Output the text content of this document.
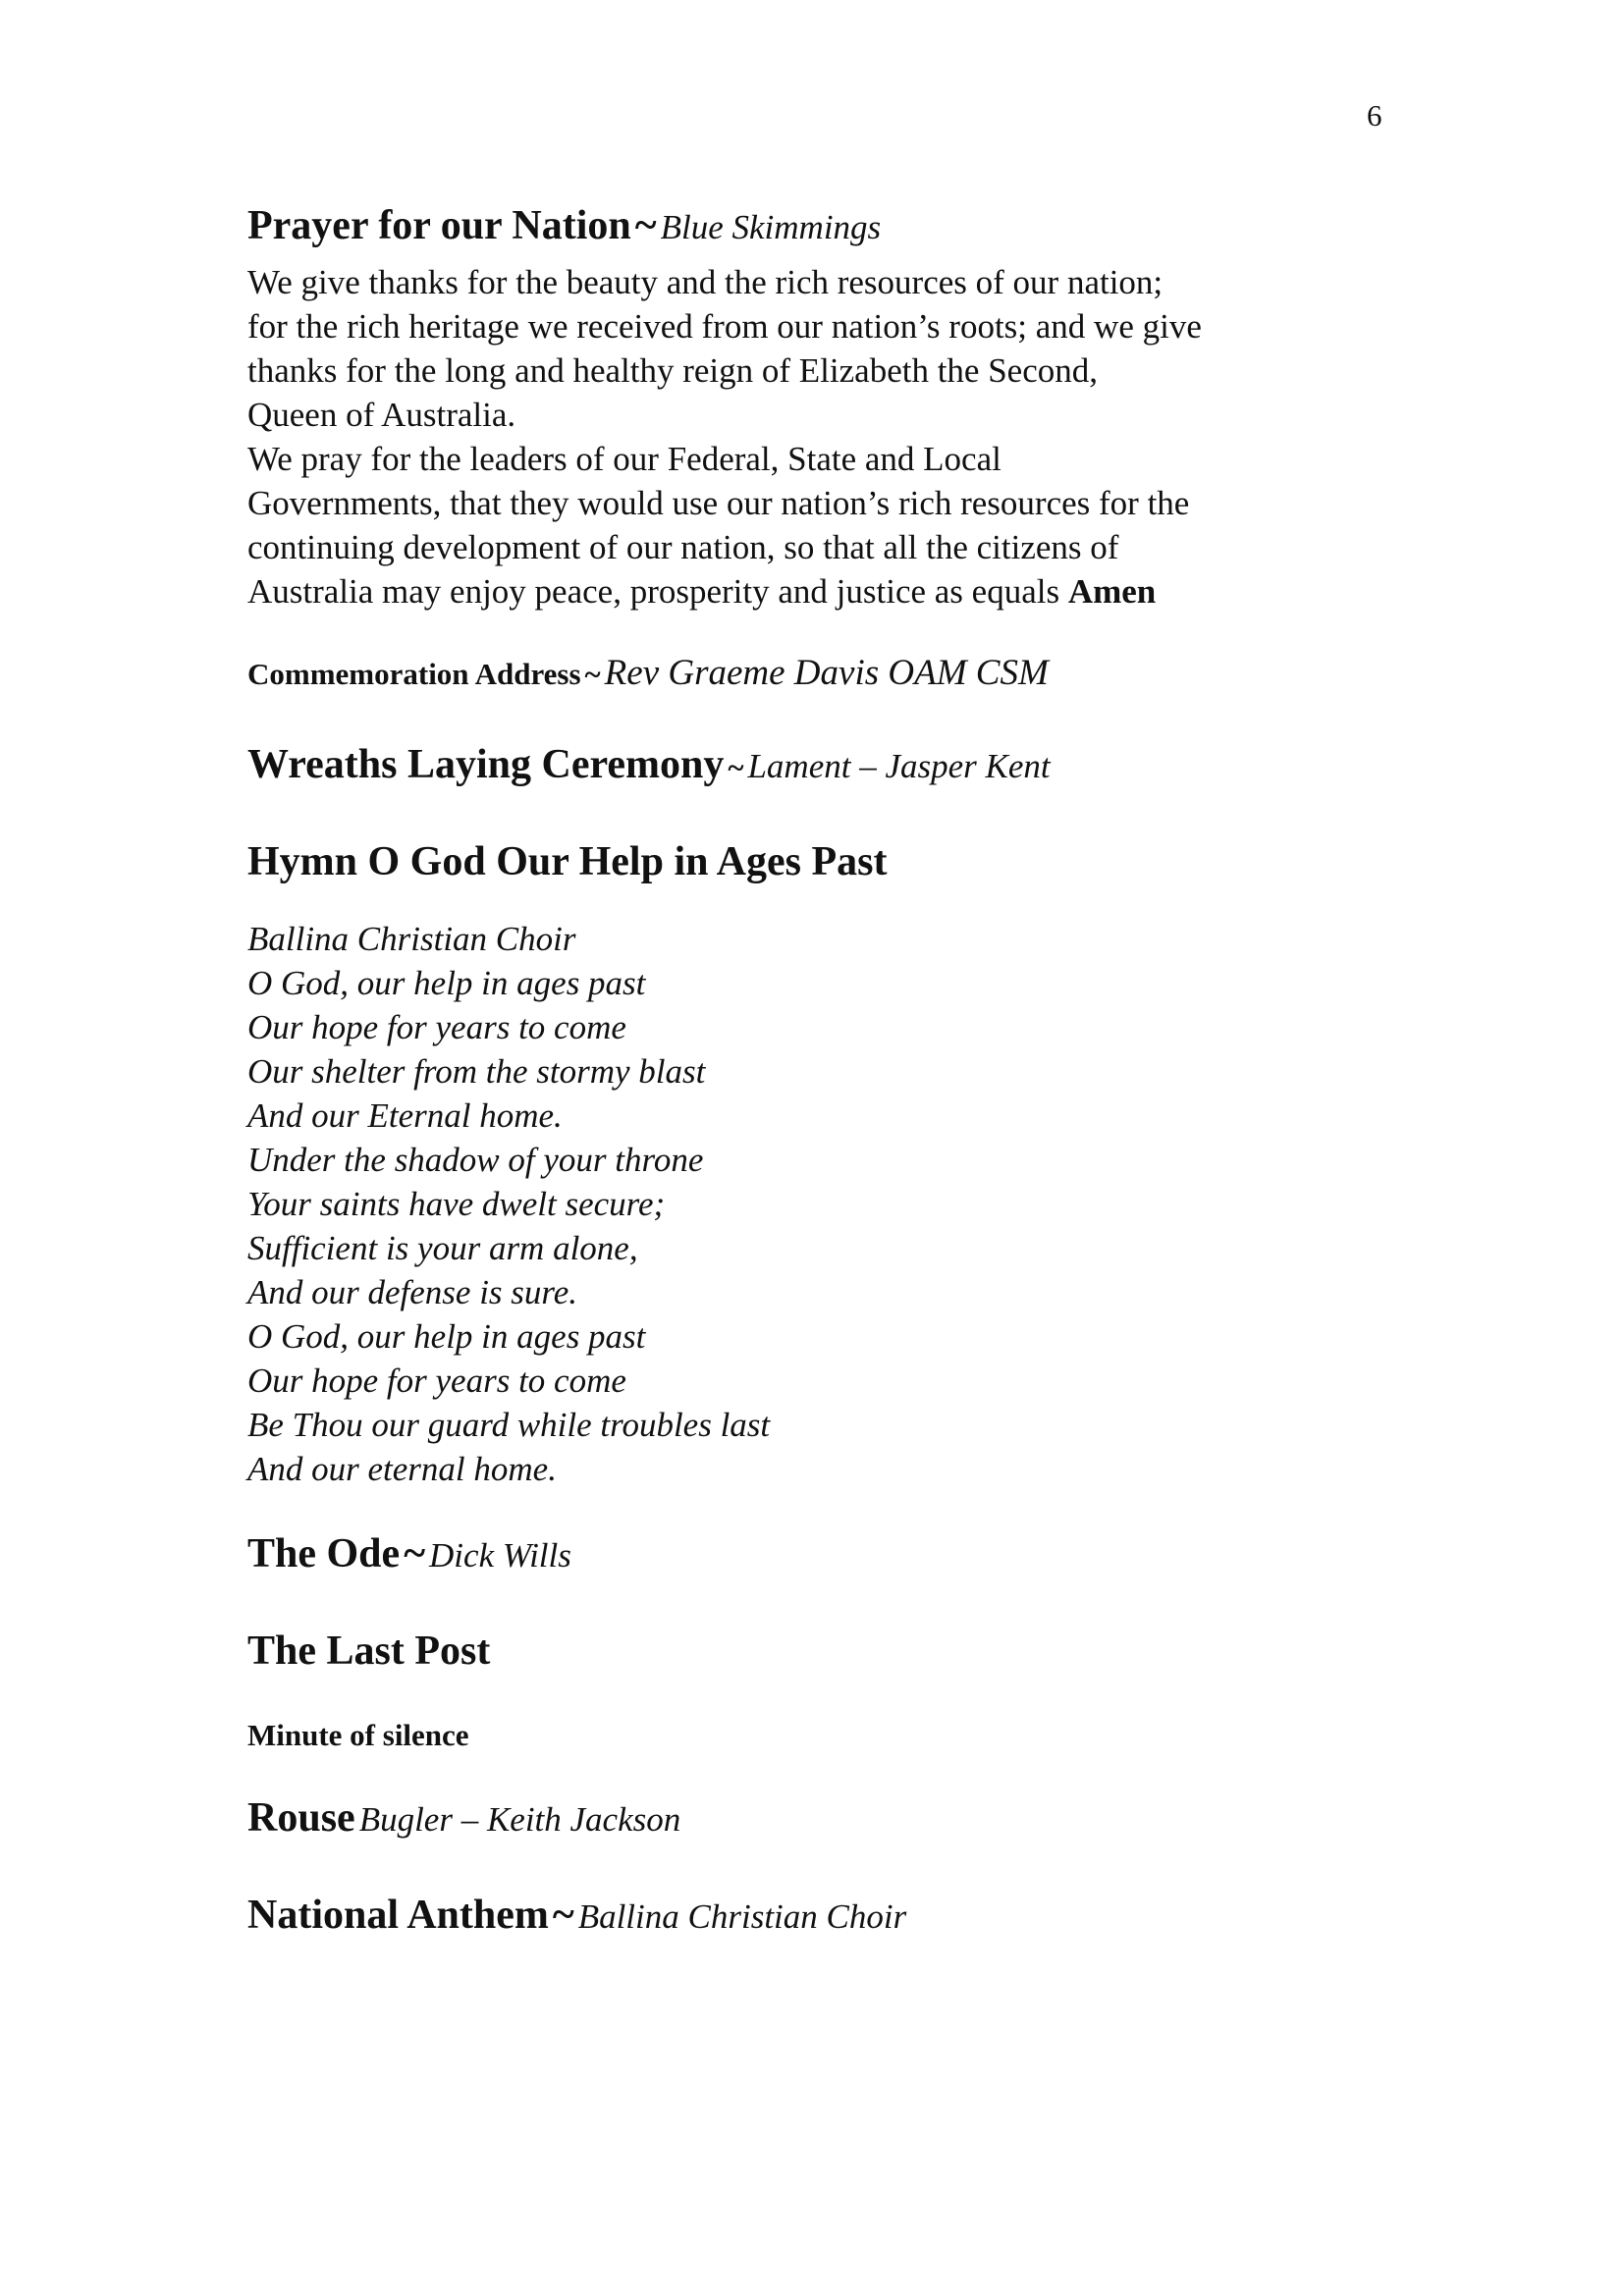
6
Prayer for our Nation ~ Blue Skimmings
We give thanks for the beauty and the rich resources of our nation;
for the rich heritage we received from our nation’s roots; and we give
thanks for the long and healthy reign of Elizabeth the Second,
Queen of Australia.
We pray for the leaders of our Federal, State and Local
Governments, that they would use our nation’s rich resources for the
continuing development of our nation, so that all the citizens of
Australia may enjoy peace, prosperity and justice as equals Amen
Commemoration Address ~ Rev Graeme Davis OAM CSM
Wreaths Laying Ceremony ~ Lament – Jasper Kent
Hymn O God Our Help in Ages Past
Ballina Christian Choir
O God, our help in ages past
Our hope for years to come
Our shelter from the stormy blast
And our Eternal home.
Under the shadow of your throne
Your saints have dwelt secure;
Sufficient is your arm alone,
And our defense is sure.
O God, our help in ages past
Our hope for years to come
Be Thou our guard while troubles last
And our eternal home.
The Ode ~ Dick Wills
The Last Post
Minute of silence
Rouse Bugler – Keith Jackson
National Anthem ~ Ballina Christian Choir
